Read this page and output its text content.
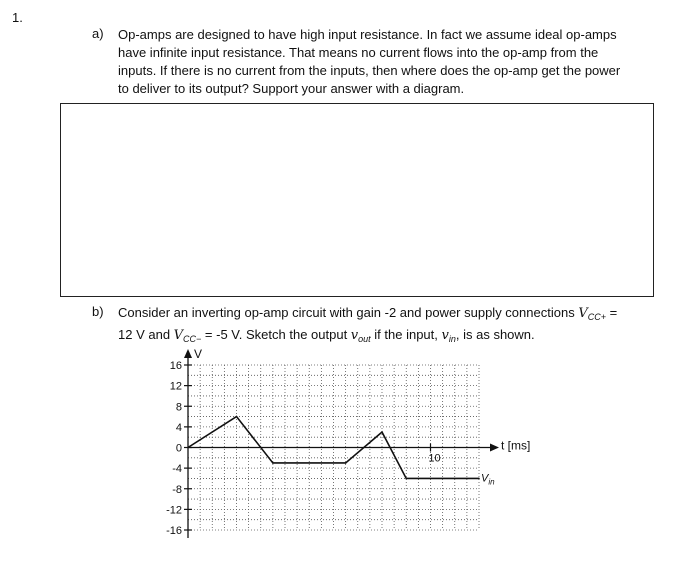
1.
a) Op-amps are designed to have high input resistance. In fact we assume ideal op-amps
have infinite input resistance. That means no current flows into the op-amp from the
inputs. If there is no current from the inputs, then where does the op-amp get the power
to deliver to its output? Support your answer with a diagram.
b) Consider an inverting op-amp circuit with gain -2 and power supply connections $V_{CC+}$ =
12 V and $V_{CC-} = -5$ V. Sketch the output $v_{out}$ if the input, $v_{in}$, is as shown.
16
12
8
4
0
-4
-8
-12
-16
10
V
t [ms]
$V_{in}$
